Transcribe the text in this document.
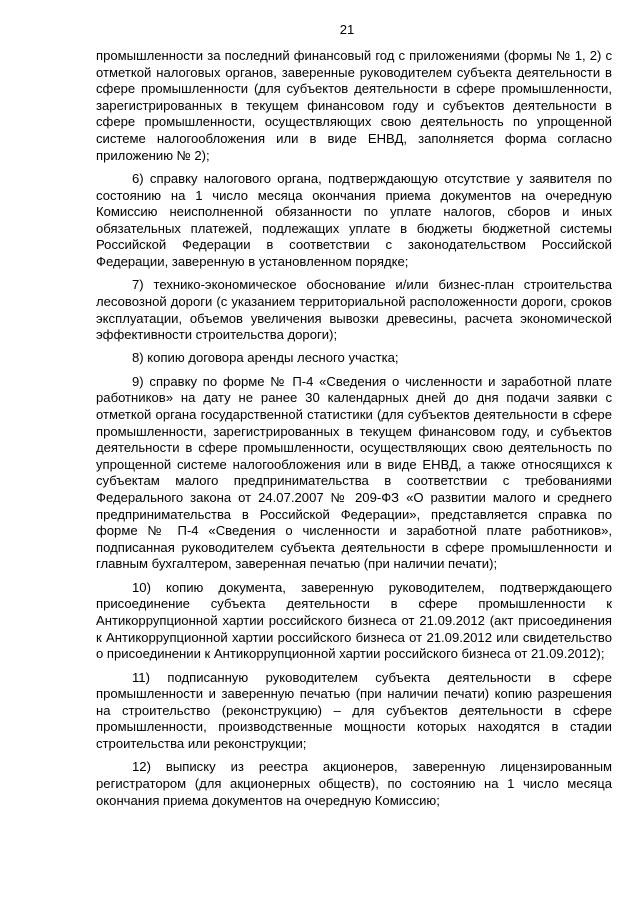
21

промышленности за последний финансовый год с приложениями (формы № 1, 2) с отметкой налоговых органов, заверенные руководителем субъекта деятельности в сфере промышленности (для субъектов деятельности в сфере промышленности, зарегистрированных в текущем финансовом году и субъектов деятельности в сфере промышленности, осуществляющих свою деятельность по упрощенной системе налогообложения или в виде ЕНВД, заполняется форма согласно приложению № 2);

6) справку налогового органа, подтверждающую отсутствие у заявителя по состоянию на 1 число месяца окончания приема документов на очередную Комиссию неисполненной обязанности по уплате налогов, сборов и иных обязательных платежей, подлежащих уплате в бюджеты бюджетной системы Российской Федерации в соответствии с законодательством Российской Федерации, заверенную в установленном порядке;

7) технико-экономическое обоснование и/или бизнес-план строительства лесовозной дороги (с указанием территориальной расположенности дороги, сроков эксплуатации, объемов увеличения вывозки древесины, расчета экономической эффективности строительства дороги);

8) копию договора аренды лесного участка;

9) справку по форме № П-4 «Сведения о численности и заработной плате работников» на дату не ранее 30 календарных дней до дня подачи заявки с отметкой органа государственной статистики (для субъектов деятельности в сфере промышленности, зарегистрированных в текущем финансовом году, и субъектов деятельности в сфере промышленности, осуществляющих свою деятельность по упрощенной системе налогообложения или в виде ЕНВД, а также относящихся к субъектам малого предпринимательства в соответствии с требованиями Федерального закона от 24.07.2007 № 209-ФЗ «О развитии малого и среднего предпринимательства в Российской Федерации», представляется справка по форме № П-4 «Сведения о численности и заработной плате работников», подписанная руководителем субъекта деятельности в сфере промышленности и главным бухгалтером, заверенная печатью (при наличии печати);

10) копию документа, заверенную руководителем, подтверждающего присоединение субъекта деятельности в сфере промышленности к Антикоррупционной хартии российского бизнеса от 21.09.2012 (акт присоединения к Антикоррупционной хартии российского бизнеса от 21.09.2012 или свидетельство о присоединении к Антикоррупционной хартии российского бизнеса от 21.09.2012);

11) подписанную руководителем субъекта деятельности в сфере промышленности и заверенную печатью (при наличии печати) копию разрешения на строительство (реконструкцию) – для субъектов деятельности в сфере промышленности, производственные мощности которых находятся в стадии строительства или реконструкции;

12) выписку из реестра акционеров, заверенную лицензированным регистратором (для акционерных обществ), по состоянию на 1 число месяца окончания приема документов на очередную Комиссию;
